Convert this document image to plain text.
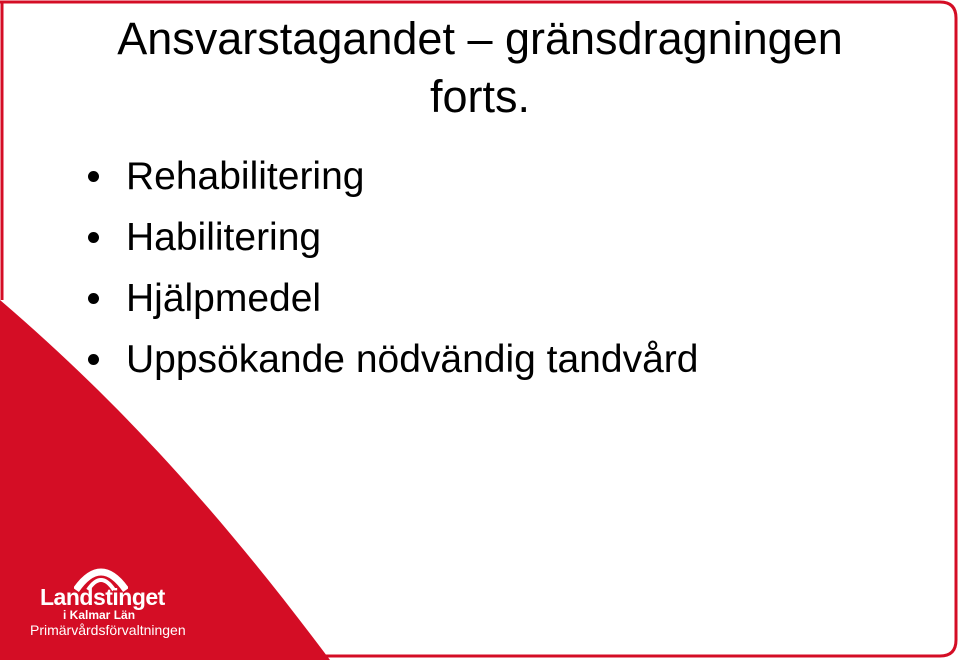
Ansvarstagandet – gränsdragningen
forts.
Rehabilitering
Habilitering
Hjälpmedel
Uppsökande nödvändig tandvård
Landstinget
i Kalmar Län
Primärvårdsförvaltningen
